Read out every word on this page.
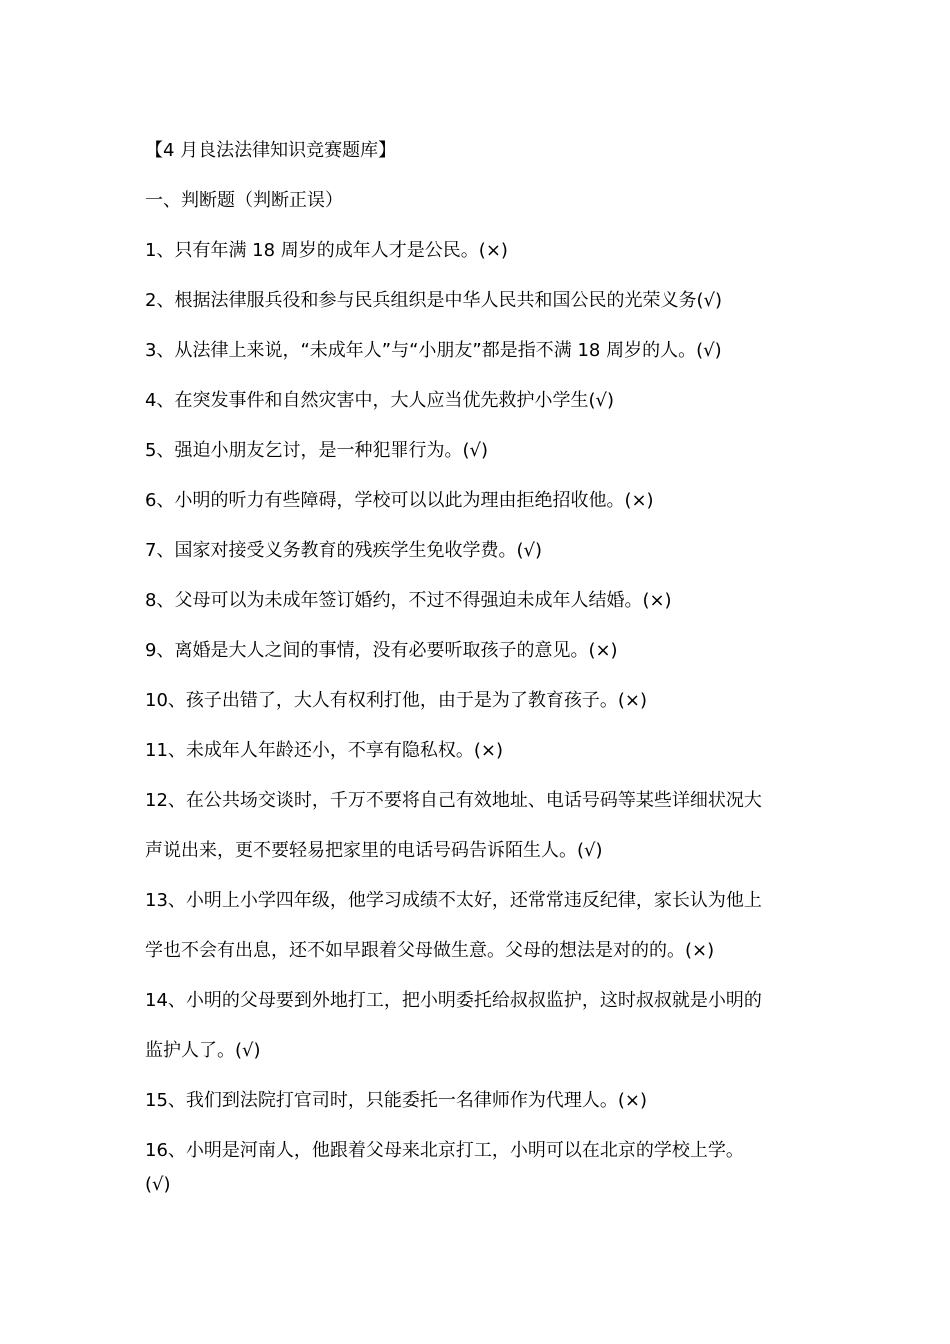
【4 月良法法律知识竞赛题库】
一、判断题（判断正误）
1、只有年满 18 周岁的成年人才是公民。(×)
2、根据法律服兵役和参与民兵组织是中华人民共和国公民的光荣义务(√)
3、从法律上来说，“未成年人”与“小朋友”都是指不满 18 周岁的人。(√)
4、在突发事件和自然灾害中，大人应当优先救护小学生(√)
5、强迫小朋友乞讨，是一种犯罪行为。(√)
6、小明的听力有些障碍，学校可以以此为理由拒绝招收他。(×)
7、国家对接受义务教育的残疾学生免收学费。(√)
8、父母可以为未成年签订婚约，不过不得强迫未成年人结婚。(×)
9、离婚是大人之间的事情，没有必要听取孩子的意见。(×)
10、孩子出错了，大人有权利打他，由于是为了教育孩子。(×)
11、未成年人年龄还小，不享有隐私权。(×)
12、在公共场交谈时，千万不要将自己有效地址、电话号码等某些详细状况大
声说出来，更不要轻易把家里的电话号码告诉陌生人。(√)
13、小明上小学四年级，他学习成绩不太好，还常常违反纪律，家长认为他上
学也不会有出息，还不如早跟着父母做生意。父母的想法是对的的。(×)
14、小明的父母要到外地打工，把小明委托给叔叔监护，这时叔叔就是小明的
监护人了。(√)
15、我们到法院打官司时，只能委托一名律师作为代理人。(×)
16、小明是河南人，他跟着父母来北京打工，小明可以在北京的学校上学。
(√)
